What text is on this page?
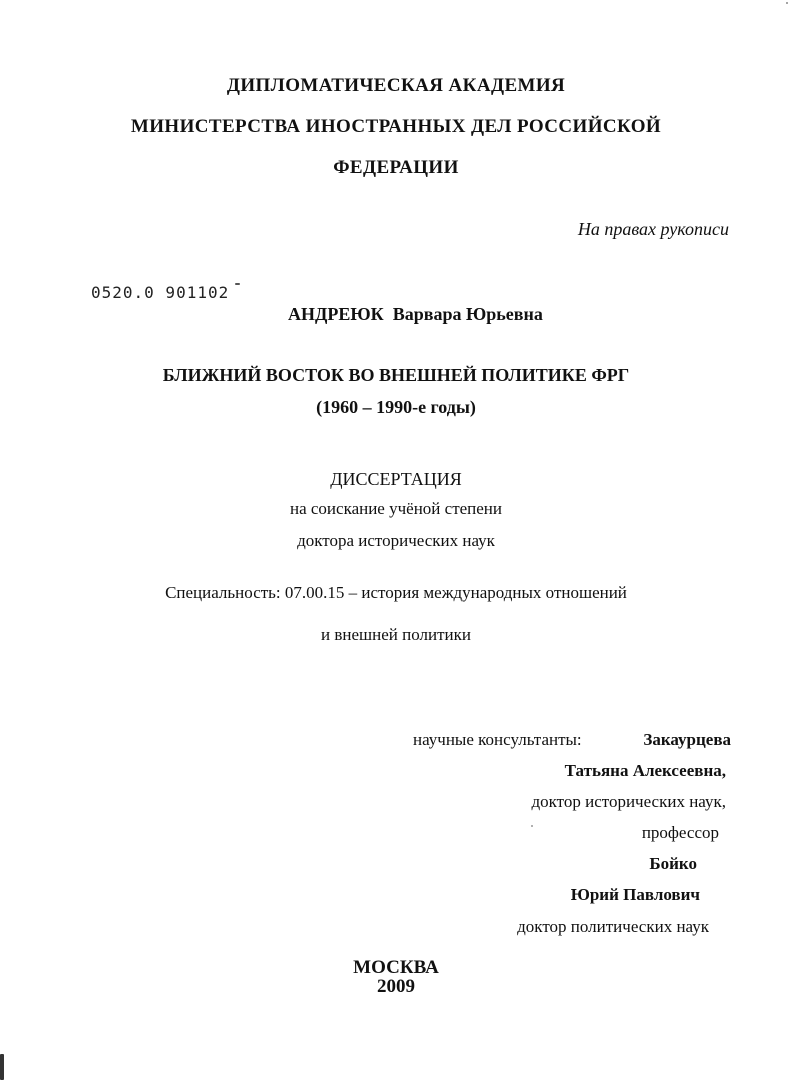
ДИПЛОМАТИЧЕСКАЯ АКАДЕМИЯ
МИНИСТЕРСТВА ИНОСТРАННЫХ ДЕЛ РОССИЙСКОЙ
ФЕДЕРАЦИИ
На правах рукописи
0520.0 901102
АНДРЕЮК Варвара Юрьевна
БЛИЖНИЙ ВОСТОК ВО ВНЕШНЕЙ ПОЛИТИКЕ ФРГ
(1960 – 1990-е годы)
ДИССЕРТАЦИЯ
на соискание учёной степени
доктора исторических наук
Специальность: 07.00.15 – история международных отношений
и внешней политики
научные консультанты:	Закаурцева
Татьяна Алексеевна,
доктор исторических наук,
профессор
Бойко
Юрий Павлович
доктор политических наук
МОСКВА
2009
